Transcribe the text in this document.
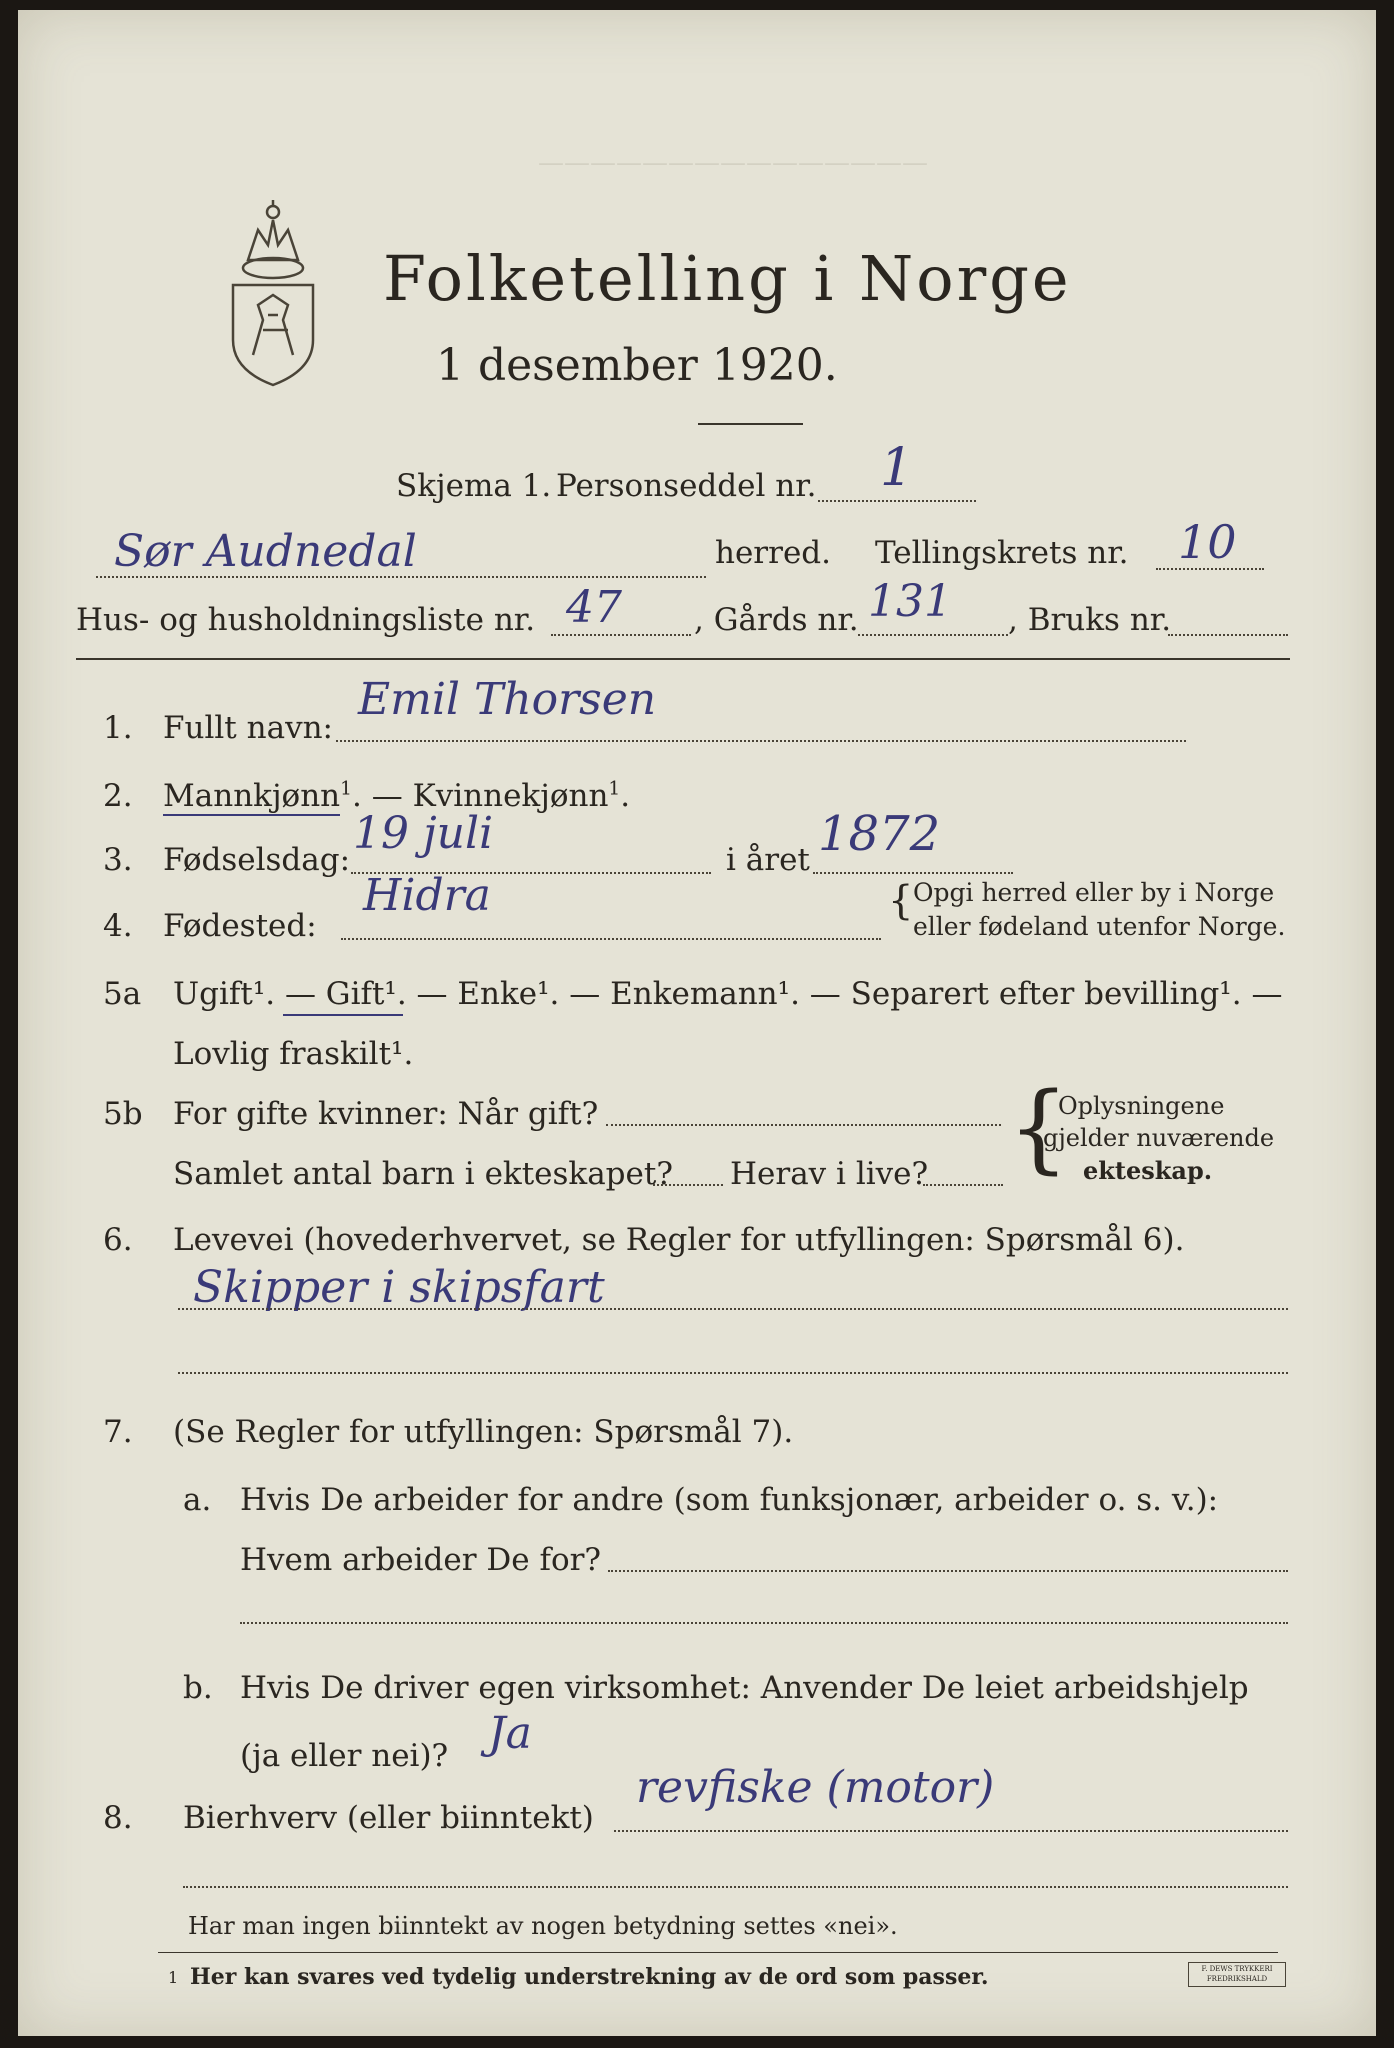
———————————————
Folketelling i Norge
1 desember 1920.
Skjema 1. Personseddel nr. 1
Sør Audnedal	herred. Tellingskrets nr. 10
Hus- og husholdningsliste nr. 47 , Gårds nr. 131 , Bruks nr.
1. Fullt navn:
Emil Thorsen
2. Mannkjønn$^1$. — Kvinnekjønn$^1$.
3. Fødselsdag:
19 juli
i året 1872
4. Fødested:
Hidra	{ Opgi herred eller by i Norge
eller fødeland utenfor Norge.
5a Ugift¹. — Gift¹. — Enke¹. — Enkemann¹. — Separert efter bevilling¹. —
Lovlig fraskilt¹.
5b For gifte kvinner: Når gift?
Samlet antal barn i ekteskapet? Herav i live? {
Oplysningene
gjelder nuværende
ekteskap.
6. Levevei (hovederhvervet, se Regler for utfyllingen: Spørsmål 6).
Skipper i skipsfart
7. (Se Regler for utfyllingen: Spørsmål 7).
a. Hvis De arbeider for andre (som funksjonær, arbeider o. s. v.):
Hvem arbeider De for?
b. Hvis De driver egen virksomhet: Anvender De leiet arbeidshjelp
(ja eller nei)? Ja
8. Bierhverv (eller biinntekt)
revfiske (motor)
Har man ingen biinntekt av nogen betydning settes «nei».
1 Her kan svares ved tydelig understrekning av de ord som passer.	F. DEWS TRYKKERI FREDRIKSHALD
